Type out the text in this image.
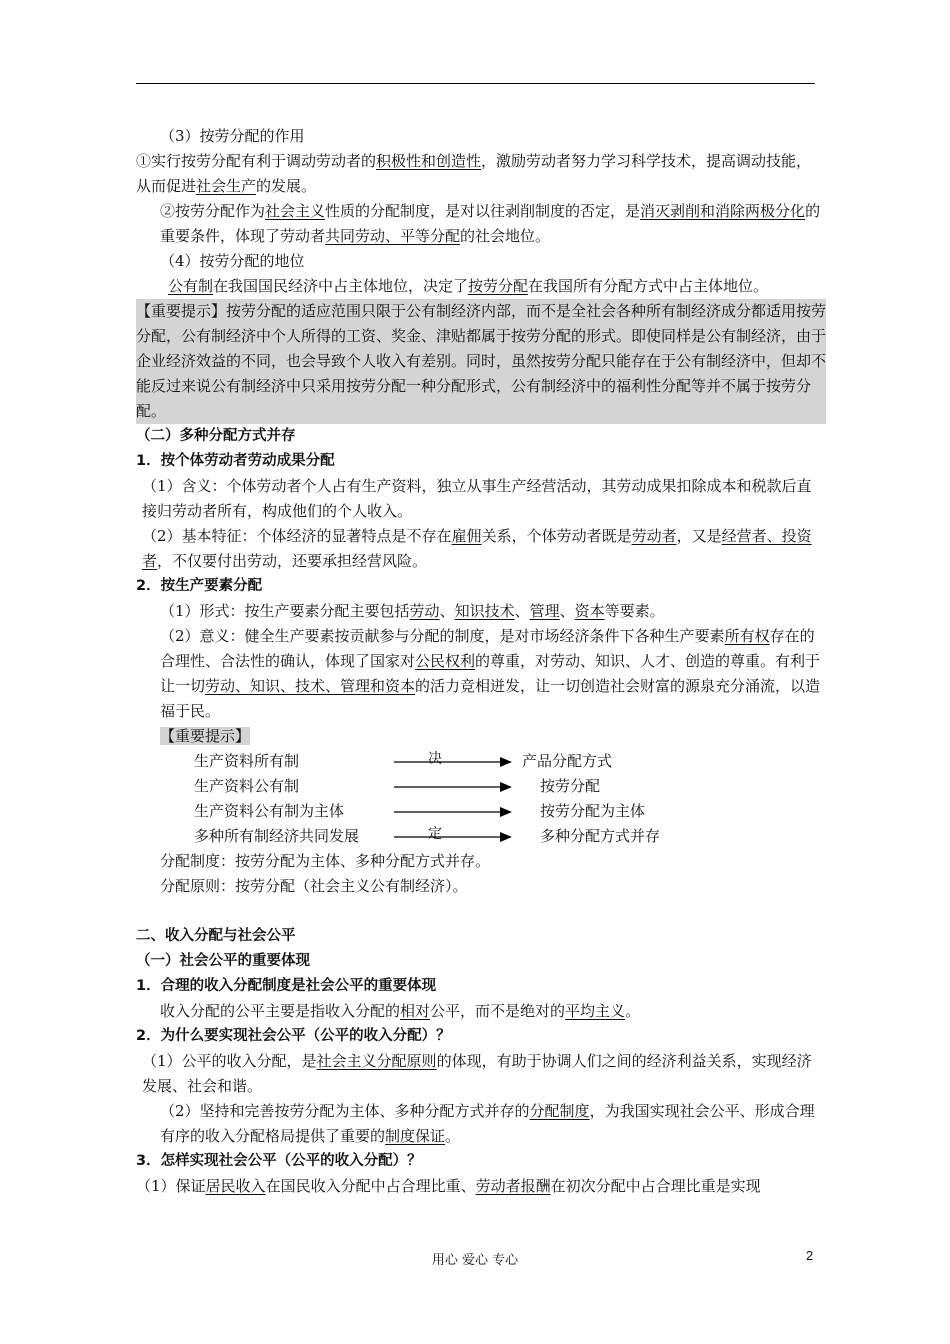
（3）按劳分配的作用

①实行按劳分配有利于调动劳动者的积极性和创造性，激励劳动者努力学习科学技术，提高调动技能，从而促进社会生产的发展。

②按劳分配作为社会主义性质的分配制度，是对以往剥削制度的否定，是消灭剥削和消除两极分化的重要条件，体现了劳动者共同劳动、平等分配的社会地位。

（4）按劳分配的地位

公有制在我国国民经济中占主体地位，决定了按劳分配在我国所有分配方式中占主体地位。

【重要提示】按劳分配的适应范围只限于公有制经济内部，而不是全社会各种所有制经济成分都适用按劳分配，公有制经济中个人所得的工资、奖金、津贴都属于按劳分配的形式。即使同样是公有制经济，由于企业经济效益的不同，也会导致个人收入有差别。同时，虽然按劳分配只能存在于公有制经济中，但却不能反过来说公有制经济中只采用按劳分配一种分配形式，公有制经济中的福利性分配等并不属于按劳分配。

（二）多种分配方式并存

1．按个体劳动者劳动成果分配

（1）含义：个体劳动者个人占有生产资料，独立从事生产经营活动，其劳动成果扣除成本和税款后直接归劳动者所有，构成他们的个人收入。

（2）基本特征：个体经济的显著特点是不存在雇佣关系，个体劳动者既是劳动者，又是经营者、投资者，不仅要付出劳动，还要承担经营风险。

2．按生产要素分配

（1）形式：按生产要素分配主要包括劳动、知识技术、管理、资本等要素。

（2）意义：健全生产要素按贡献参与分配的制度，是对市场经济条件下各种生产要素所有权存在的合理性、合法性的确认，体现了国家对公民权利的尊重，对劳动、知识、人才、创造的尊重。有利于让一切劳动、知识、技术、管理和资本的活力竞相迸发，让一切创造社会财富的源泉充分涌流，以造福于民。

【重要提示】

生产资料所有制	决	产品分配方式
生产资料公有制	按劳分配
生产资料公有制为主体	按劳分配为主体
多种所有制经济共同发展	定	多种分配方式并存

分配制度：按劳分配为主体、多种分配方式并存。

分配原则：按劳分配（社会主义公有制经济）。

二、收入分配与社会公平

（一）社会公平的重要体现

1．合理的收入分配制度是社会公平的重要体现

收入分配的公平主要是指收入分配的相对公平，而不是绝对的平均主义。

2．为什么要实现社会公平（公平的收入分配）？

（1）公平的收入分配，是社会主义分配原则的体现，有助于协调人们之间的经济利益关系，实现经济发展、社会和谐。

（2）坚持和完善按劳分配为主体、多种分配方式并存的分配制度，为我国实现社会公平、形成合理有序的收入分配格局提供了重要的制度保证。

3．怎样实现社会公平（公平的收入分配）？

（1）保证居民收入在国民收入分配中占合理比重、劳动者报酬在初次分配中占合理比重是实现

用心 爱心 专心	2
